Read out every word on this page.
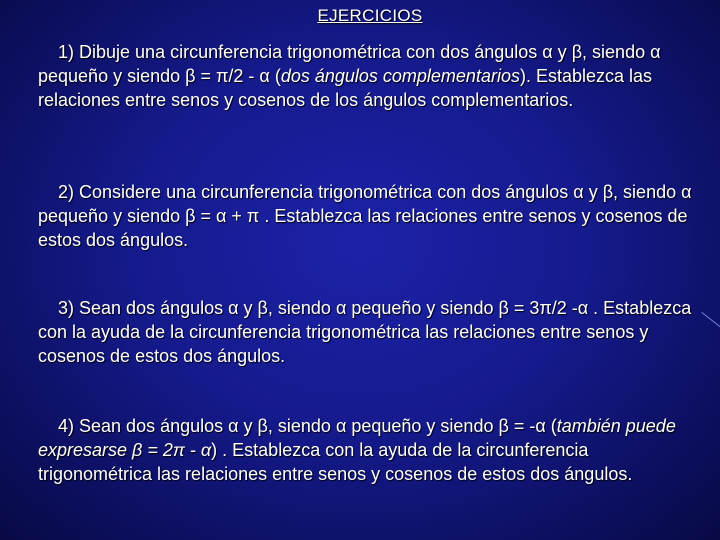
EJERCICIOS
1) Dibuje una circunferencia trigonométrica con dos ángulos α y β, siendo α pequeño y siendo β = π/2 - α (dos ángulos complementarios). Establezca las relaciones entre senos y cosenos de los ángulos complementarios.
2) Considere una circunferencia trigonométrica con dos ángulos α y β, siendo α pequeño y siendo β = α + π . Establezca las relaciones entre senos y cosenos de estos dos ángulos.
3) Sean dos ángulos α y β, siendo α pequeño y siendo β = 3π/2 -α . Establezca con la ayuda de la circunferencia trigonométrica las relaciones entre senos y cosenos de estos dos ángulos.
4) Sean dos ángulos α y β, siendo α pequeño y siendo β = -α (también puede expresarse β = 2π - α) . Establezca con la ayuda de la circunferencia trigonométrica las relaciones entre senos y cosenos de estos dos ángulos.
